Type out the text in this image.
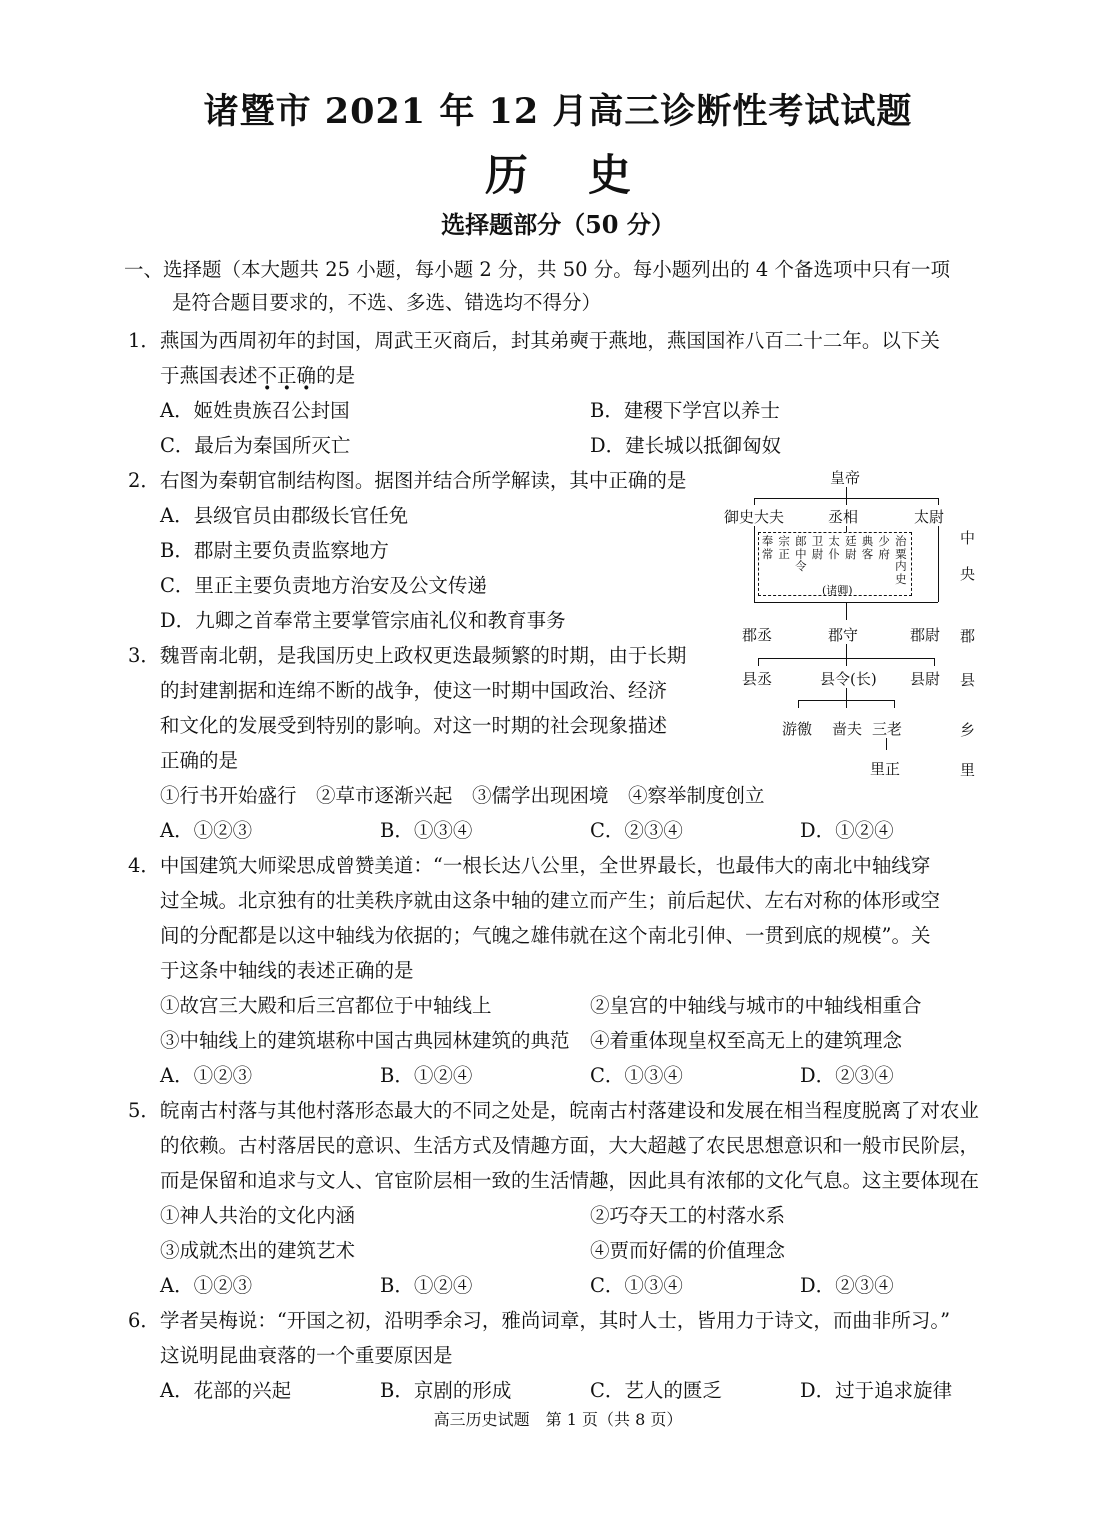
诸暨市 2021 年 12 月高三诊断性考试试题
历史
选择题部分（50 分）
一、选择题（本大题共 25 小题，每小题 2 分，共 50 分。每小题列出的 4 个备选项中只有一项
是符合题目要求的，不选、多选、错选均不得分）
1．燕国为西周初年的封国，周武王灭商后，封其弟奭于燕地，燕国国祚八百二十二年。以下关
于燕国表述不正确的是
A．姬姓贵族召公封国	B．建稷下学宫以养士
C．最后为秦国所灭亡	D．建长城以抵御匈奴
2．右图为秦朝官制结构图。据图并结合所学解读，其中正确的是
A．县级官员由郡级长官任免
B．郡尉主要负责监察地方
C．里正主要负责地方治安及公文传递
D．九卿之首奉常主要掌管宗庙礼仪和教育事务
3．魏晋南北朝，是我国历史上政权更迭最频繁的时期，由于长期
的封建割据和连绵不断的战争，使这一时期中国政治、经济
和文化的发展受到特别的影响。对这一时期的社会现象描述
正确的是
①行书开始盛行　②草市逐渐兴起　③儒学出现困境　④察举制度创立
A．①②③	B．①③④	C．②③④	D．①②④
4．中国建筑大师梁思成曾赞美道：“一根长达八公里，全世界最长，也最伟大的南北中轴线穿
过全城。北京独有的壮美秩序就由这条中轴的建立而产生；前后起伏、左右对称的体形或空
间的分配都是以这中轴线为依据的；气魄之雄伟就在这个南北引伸、一贯到底的规模”。关
于这条中轴线的表述正确的是
①故宫三大殿和后三宫都位于中轴线上	②皇宫的中轴线与城市的中轴线相重合
③中轴线上的建筑堪称中国古典园林建筑的典范 ④着重体现皇权至高无上的建筑理念
A．①②③	B．①②④	C．①③④	D．②③④
5．皖南古村落与其他村落形态最大的不同之处是，皖南古村落建设和发展在相当程度脱离了对农业
的依赖。古村落居民的意识、生活方式及情趣方面，大大超越了农民思想意识和一般市民阶层，
而是保留和追求与文人、官宦阶层相一致的生活情趣，因此具有浓郁的文化气息。这主要体现在
①神人共治的文化内涵	②巧夺天工的村落水系
③成就杰出的建筑艺术	④贾而好儒的价值理念
A．①②③	B．①②④	C．①③④	D．②③④
6．学者吴梅说：“开国之初，沿明季余习，雅尚词章，其时人士，皆用力于诗文，而曲非所习。”
这说明昆曲衰落的一个重要原因是
A．花部的兴起	B．京剧的形成	C．艺人的匮乏	D．过于追求旋律
皇帝
御史大夫	丞相	太尉
奉
常
宗
正
郎
中
令
卫
尉
太
仆
廷
尉
典
客
少
府
治
粟
内
史
(诸卿)
郡丞	郡守	郡尉
县丞	县令(长) 县尉
游徼 啬夫 三老
里正
中
央
郡
县
乡
里
高三历史试题　第 1 页（共 8 页）
